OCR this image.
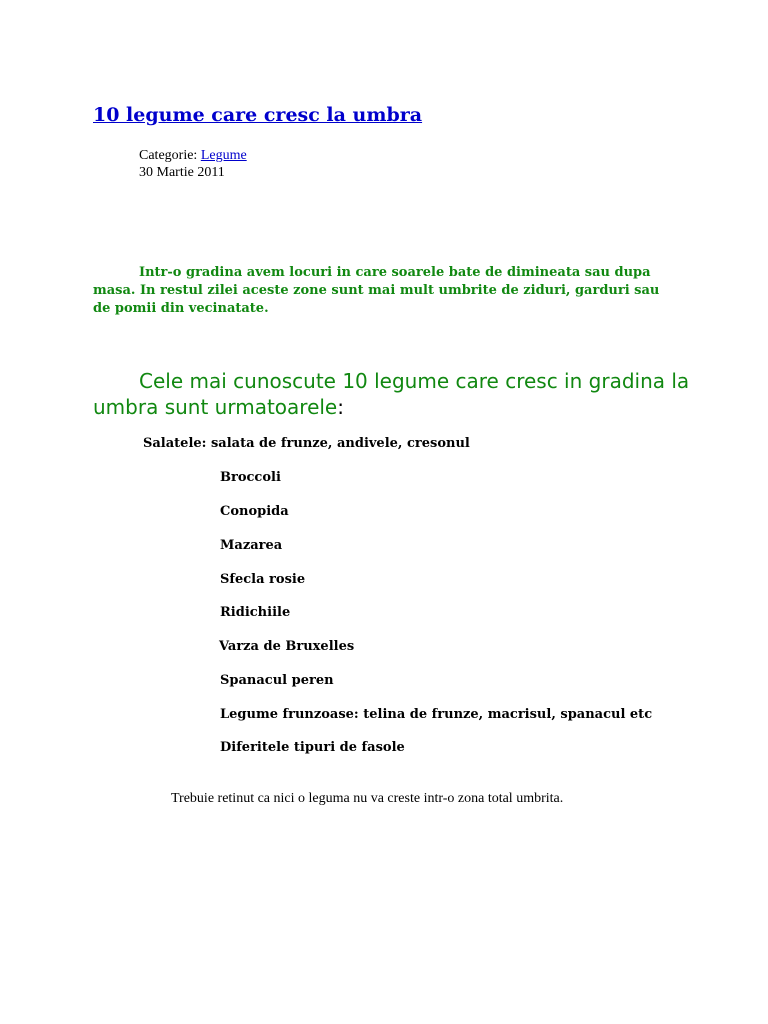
10 legume care cresc la umbra
Categorie: Legume
30 Martie 2011

Intr-o gradina avem locuri in care soarele bate de dimineata sau dupa masa. In restul zilei aceste zone sunt mai mult umbrite de ziduri, garduri sau de pomii din vecinatate.

Cele mai cunoscute 10 legume care cresc in gradina la umbra sunt urmatoarele:

Salatele: salata de frunze, andivele, cresonul

Broccoli

Conopida

Mazarea

Sfecla rosie

Ridichiile

Varza de Bruxelles

Spanacul peren

Legume frunzoase: telina de frunze, macrisul, spanacul etc

Diferitele tipuri de fasole

Trebuie retinut ca nici o leguma nu va creste intr-o zona total umbrita.
